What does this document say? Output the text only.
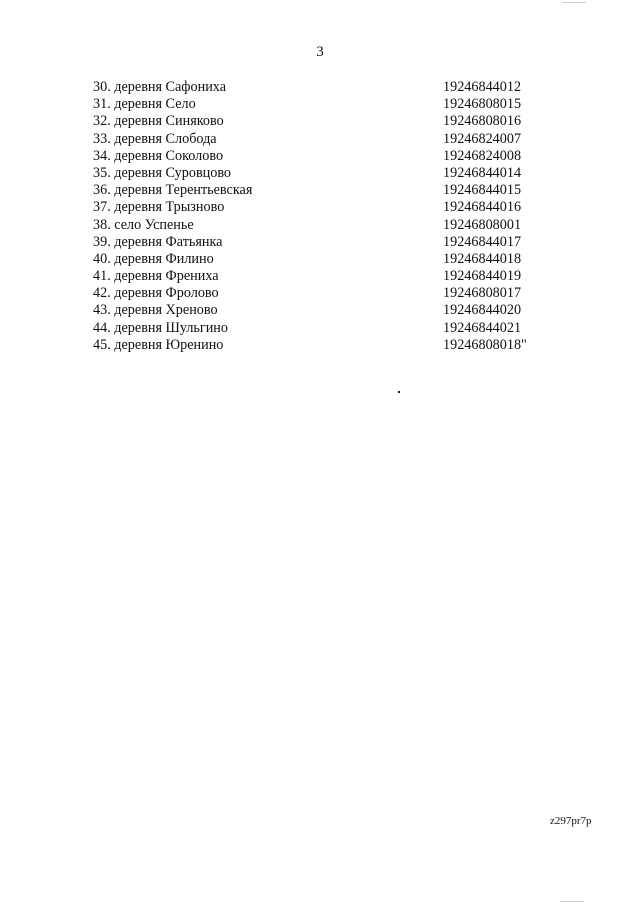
3
30. деревня Сафониха	19246844012
31. деревня Село	19246808015
32. деревня Синяково	19246808016
33. деревня Слобода	19246824007
34. деревня Соколово	19246824008
35. деревня Суровцово	19246844014
36. деревня Терентьевская	19246844015
37. деревня Трызново	19246844016
38. село Успенье	19246808001
39. деревня Фатьянка	19246844017
40. деревня Филино	19246844018
41. деревня Френиха	19246844019
42. деревня Фролово	19246808017
43. деревня Хреново	19246844020
44. деревня Шульгино	19246844021
45. деревня Юренино	19246808018"
z297pr7p
